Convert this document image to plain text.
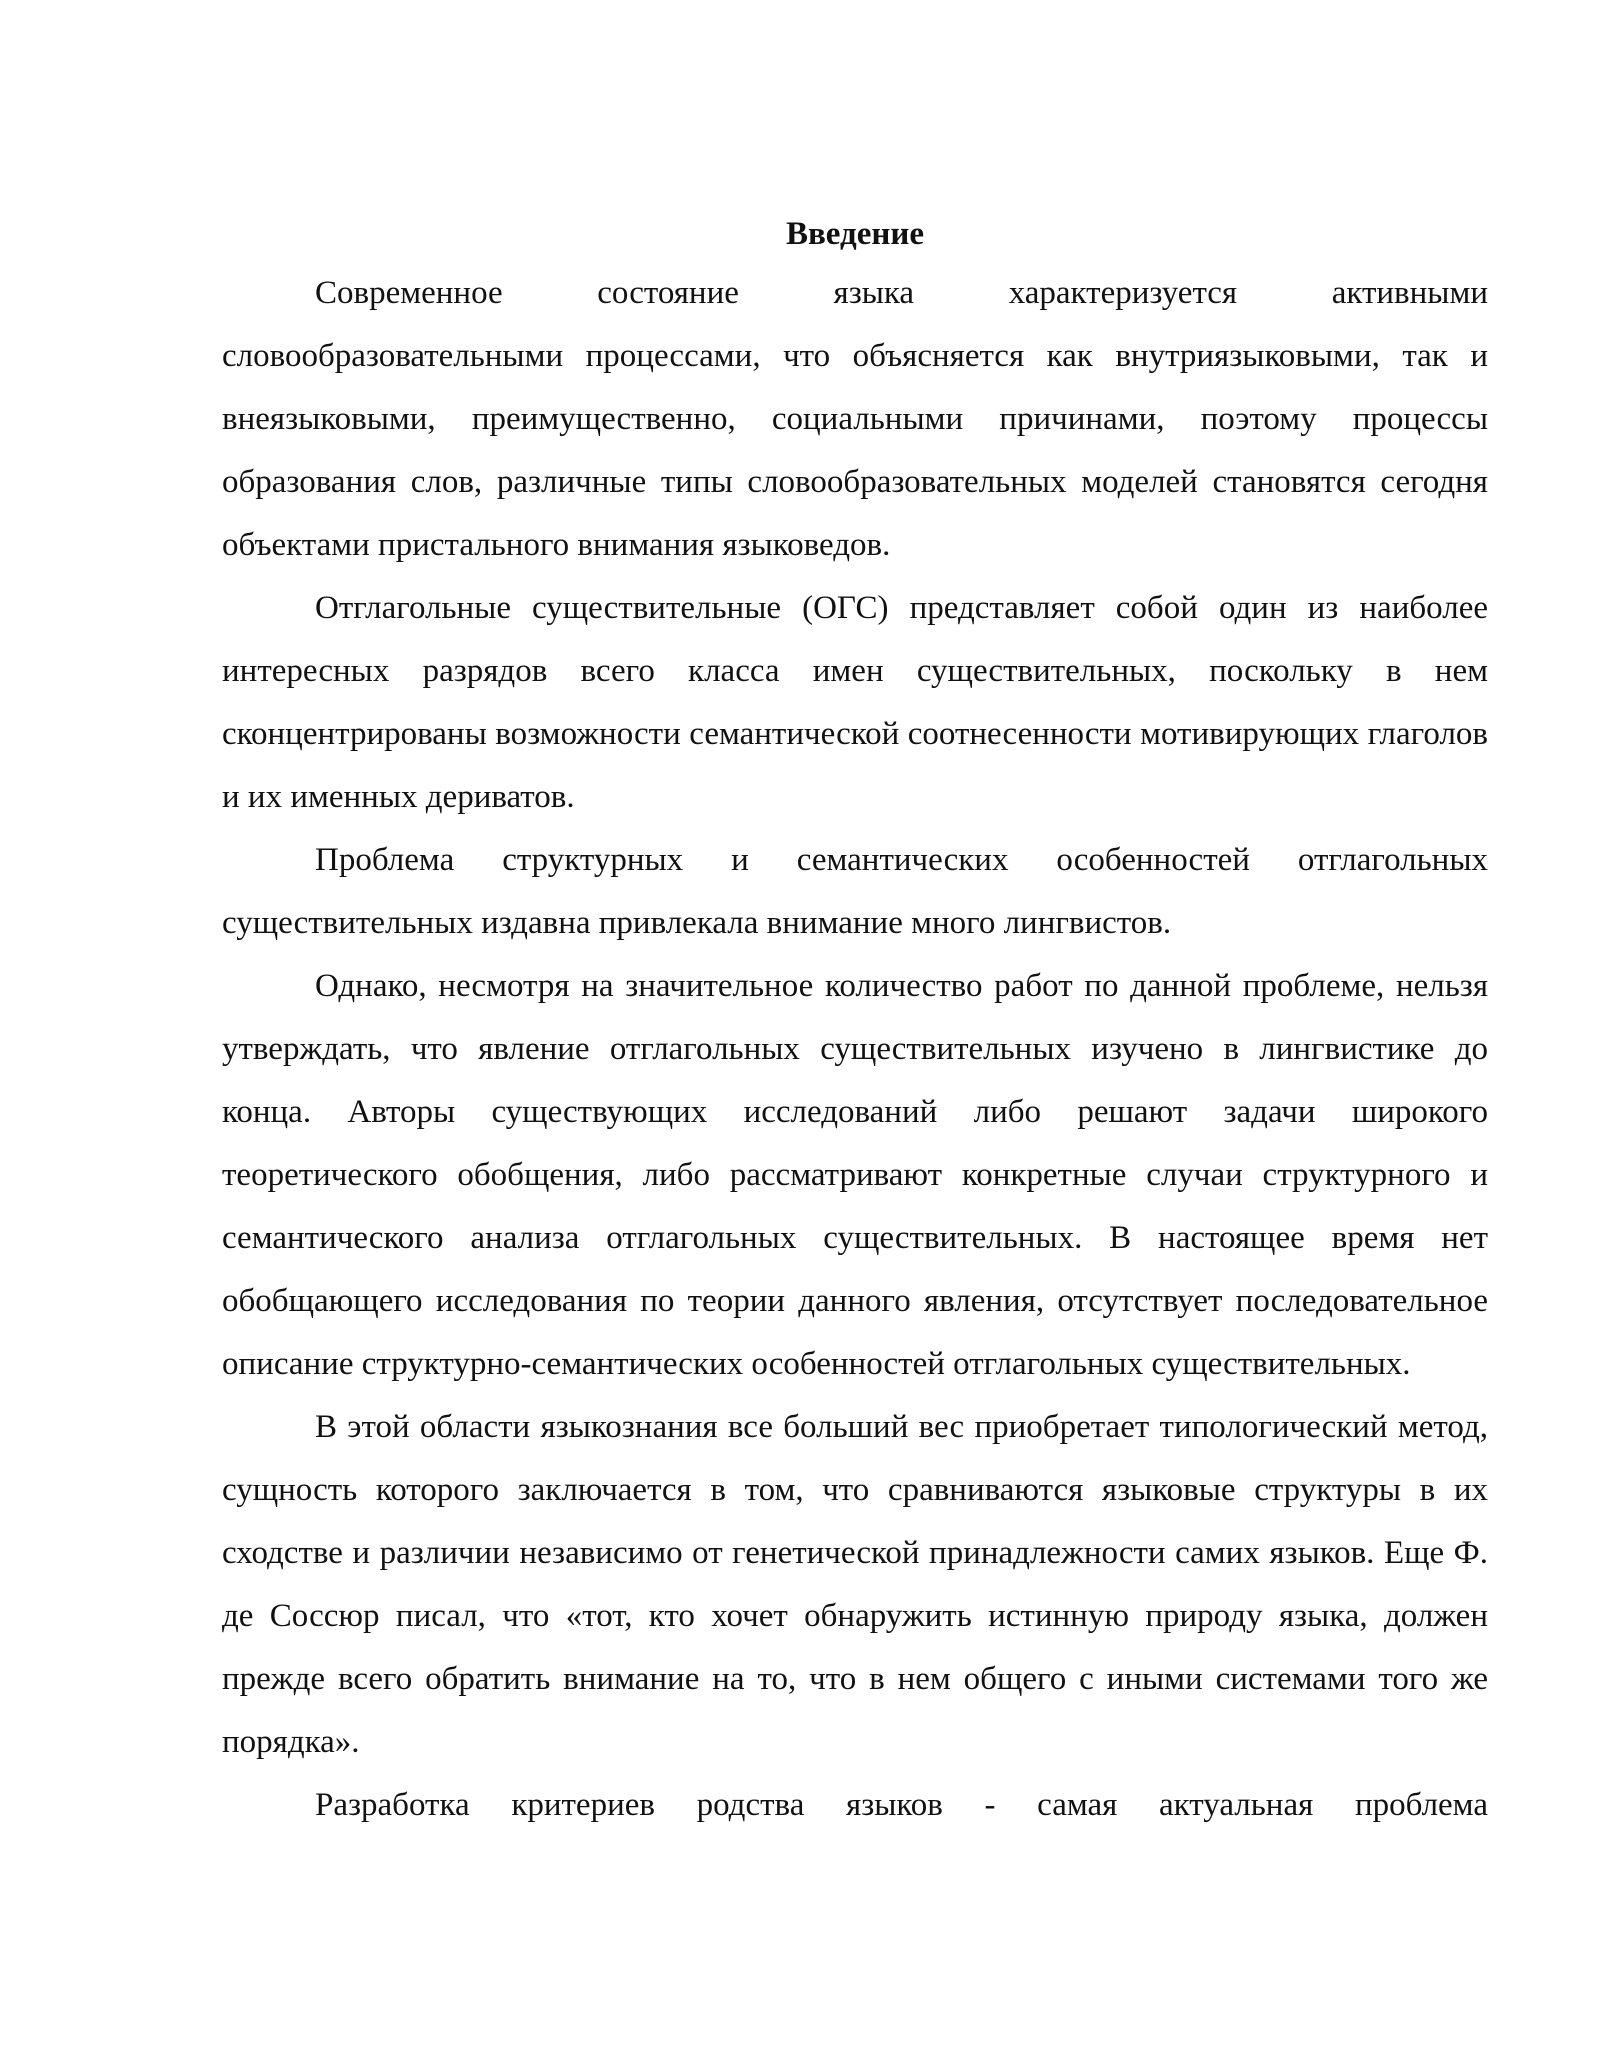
Введение

Современное состояние языка характеризуется активными словообразовательными процессами, что объясняется как внутриязыковыми, так и внеязыковыми, преимущественно, социальными причинами, поэтому процессы образования слов, различные типы словообразовательных моделей становятся сегодня объектами пристального внимания языковедов.

Отглагольные существительные (ОГС) представляет собой один из наиболее интересных разрядов всего класса имен существительных, поскольку в нем сконцентрированы возможности семантической соотнесенности мотивирующих глаголов и их именных дериватов.

Проблема структурных и семантических особенностей отглагольных существительных издавна привлекала внимание много лингвистов.

Однако, несмотря на значительное количество работ по данной проблеме, нельзя утверждать, что явление отглагольных существительных изучено в лингвистике до конца. Авторы существующих исследований либо решают задачи широкого теоретического обобщения, либо рассматривают конкретные случаи структурного и семантического анализа отглагольных существительных. В настоящее время нет обобщающего исследования по теории данного явления, отсутствует последовательное описание структурно-семантических особенностей отглагольных существительных.

В этой области языкознания все больший вес приобретает типологический метод, сущность которого заключается в том, что сравниваются языковые структуры в их сходстве и различии независимо от генетической принадлежности самих языков. Еще Ф. де Соссюр писал, что «тот, кто хочет обнаружить истинную природу языка, должен прежде всего обратить внимание на то, что в нем общего с иными системами того же порядка».

Разработка критериев родства языков - самая актуальная проблема
